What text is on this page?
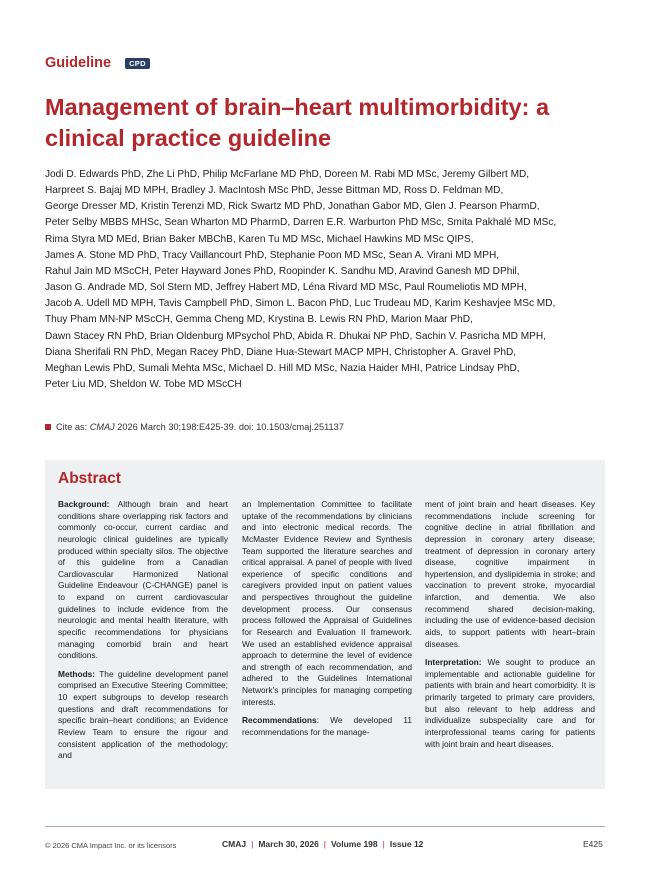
Guideline	CPD
Management of brain–heart multimorbidity: a clinical practice guideline

Jodi D. Edwards PhD, Zhe Li PhD, Philip McFarlane MD PhD, Doreen M. Rabi MD MSc, Jeremy Gilbert MD,
Harpreet S. Bajaj MD MPH, Bradley J. MacIntosh MSc PhD, Jesse Bittman MD, Ross D. Feldman MD,
George Dresser MD, Kristin Terenzi MD, Rick Swartz MD PhD, Jonathan Gabor MD, Glen J. Pearson PharmD,
Peter Selby MBBS MHSc, Sean Wharton MD PharmD, Darren E.R. Warburton PhD MSc, Smita Pakhalé MD MSc,
Rima Styra MD MEd, Brian Baker MBChB, Karen Tu MD MSc, Michael Hawkins MD MSc QIPS,
James A. Stone MD PhD, Tracy Vaillancourt PhD, Stephanie Poon MD MSc, Sean A. Virani MD MPH,
Rahul Jain MD MScCH, Peter Hayward Jones PhD, Roopinder K. Sandhu MD, Aravind Ganesh MD DPhil,
Jason G. Andrade MD, Sol Stern MD, Jeffrey Habert MD, Léna Rivard MD MSc, Paul Roumeliotis MD MPH,
Jacob A. Udell MD MPH, Tavis Campbell PhD, Simon L. Bacon PhD, Luc Trudeau MD, Karim Keshavjee MSc MD,
Thuy Pham MN-NP MScCH, Gemma Cheng MD, Krystina B. Lewis RN PhD, Marion Maar PhD,
Dawn Stacey RN PhD, Brian Oldenburg MPsychol PhD, Abida R. Dhukai NP PhD, Sachin V. Pasricha MD MPH,
Diana Sherifali RN PhD, Megan Racey PhD, Diane Hua-Stewart MACP MPH, Christopher A. Gravel PhD,
Meghan Lewis PhD, Sumali Mehta MSc, Michael D. Hill MD MSc, Nazia Haider MHI, Patrice Lindsay PhD,
Peter Liu MD, Sheldon W. Tobe MD MScCH

Cite as: CMAJ 2026 March 30;198:E425-39. doi: 10.1503/cmaj.251137
Abstract

Background: Although brain and heart conditions share overlapping risk factors and commonly co-occur, current cardiac and neurologic clinical guidelines are typically produced within specialty silos. The objective of this guideline from a Canadian Cardiovascular Harmonized National Guideline Endeavour (C-CHANGE) panel is to expand on current cardiovascular guidelines to include evidence from the neurologic and mental health literature, with specific recommendations for physicians managing comorbid brain and heart conditions.

Methods: The guideline development panel comprised an Executive Steering Committee; 10 expert subgroups to develop research questions and draft recommendations for specific brain–heart conditions; an Evidence Review Team to ensure the rigour and consistent application of the methodology; and

an Implementation Committee to facilitate uptake of the recommendations by clinicians and into electronic medical records. The McMaster Evidence Review and Synthesis Team supported the literature searches and critical appraisal. A panel of people with lived experience of specific conditions and caregivers provided input on patient values and perspectives throughout the guideline development process. Our consensus process followed the Appraisal of Guidelines for Research and Evaluation II framework. We used an established evidence appraisal approach to determine the level of evidence and strength of each recommendation, and adhered to the Guidelines International Network's principles for managing competing interests.

Recommendations: We developed 11 recommendations for the manage-

ment of joint brain and heart diseases. Key recommendations include screening for cognitive decline in atrial fibrillation and depression in coronary artery disease; treatment of depression in coronary artery disease, cognitive impairment in hypertension, and dyslipidemia in stroke; and vaccination to prevent stroke, myocardial infarction, and dementia. We also recommend shared decision-making, including the use of evidence-based decision aids, to support patients with heart–brain diseases.

Interpretation: We sought to produce an implementable and actionable guideline for patients with brain and heart comorbidity. It is primarily targeted to primary care providers, but also relevant to help address and individualize subspeciality care and for interprofessional teams caring for patients with joint brain and heart diseases.

© 2026 CMA Impact Inc. or its licensors	CMAJ | March 30, 2026 | Volume 198 | Issue 12	E425
